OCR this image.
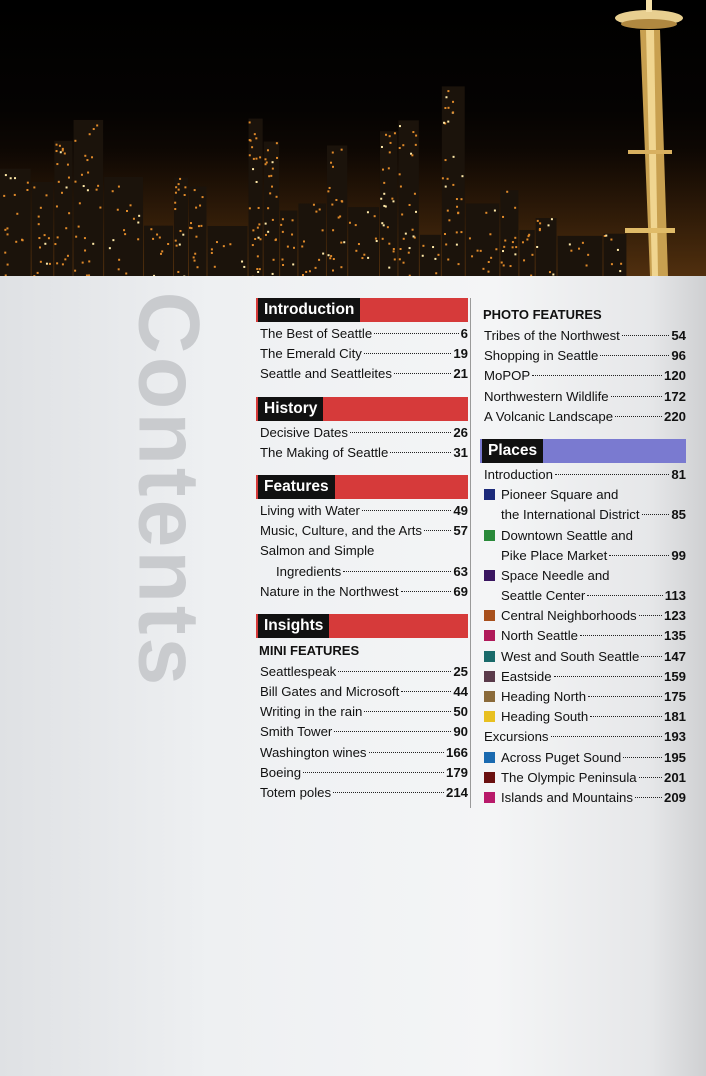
Contents	Introduction
The Best of Seattle	6
The Emerald City	19
Seattle and Seattleites	21
History
Decisive Dates	26
The Making of Seattle	31
Features
Living with Water	49
Music, Culture, and the Arts 57
Salmon and Simple
Ingredients	63
Nature in the Northwest	69
Insights
MINI FEATURES
Seattlespeak	25
Bill Gates and Microsoft	44
Writing in the rain	50
Smith Tower	90
Washington wines	166
Boeing	179
Totem poles	214
PHOTO FEATURES
Tribes of the Northwest	54
Shopping in Seattle	96
MoPOP	120
Northwestern Wildlife	172
A Volcanic Landscape	220
Places
Introduction	81
Pioneer Square and
the International District 85
Downtown Seattle and
Pike Place Market	99
Space Needle and
Seattle Center	113
Central Neighborhoods 123
North Seattle	135
West and South Seattle 147
Eastside	159
Heading North	175
Heading South	181
Excursions	193
Across Puget Sound	195
The Olympic Peninsula 201
Islands and Mountains 209
